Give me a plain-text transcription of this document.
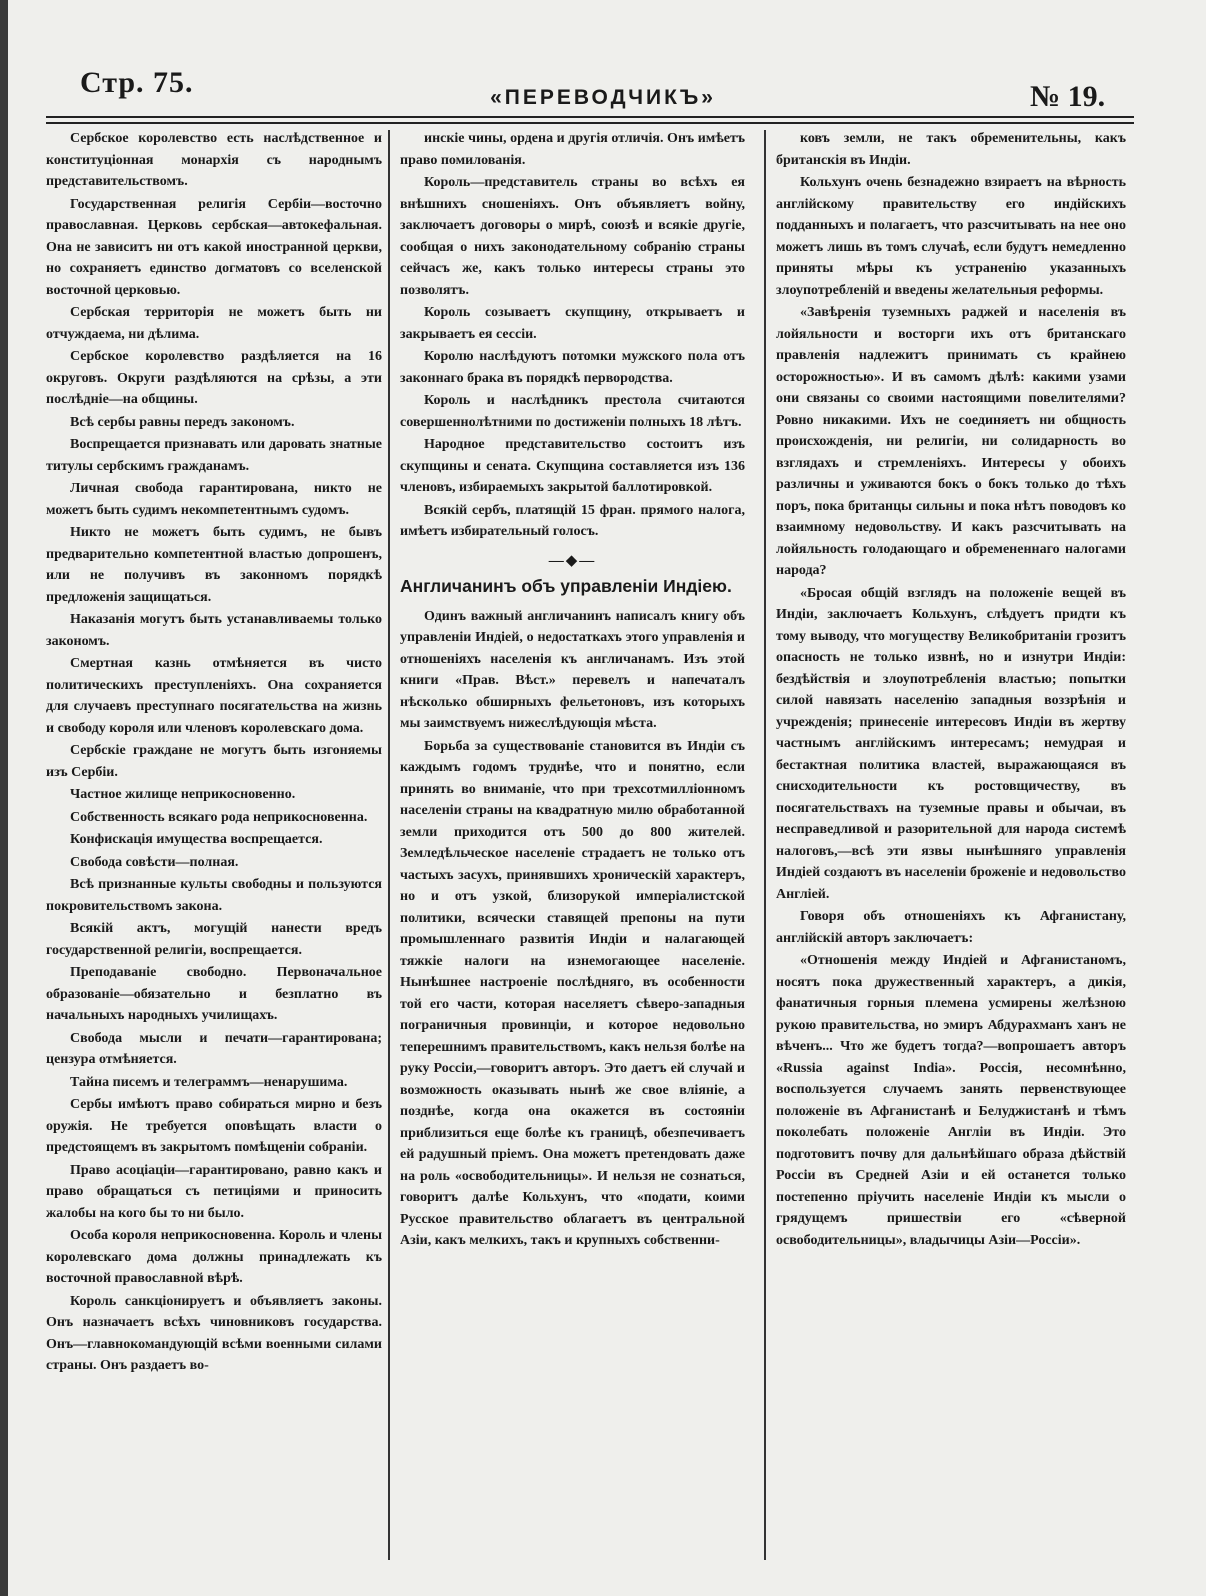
Стр. 75.	«ПЕРЕВОДЧИКЪ»	№ 19.

Сербское королевство есть наслѣдственное и конституціонная монархія съ народнымъ представительствомъ.

Государственная религія Сербіи—восточно православная. Церковь сербская—автокефальная. Она не зависитъ ни отъ какой иностранной церкви, но сохраняетъ единство догматовъ со вселенской восточной церковью.

Сербская территорія не можетъ быть ни отчуждаема, ни дѣлима.

Сербское королевство раздѣляется на 16 округовъ. Округи раздѣляются на срѣзы, а эти послѣдніе—на общины.

Всѣ сербы равны передъ закономъ.

Воспрещается признавать или даровать знатные титулы сербскимъ гражданамъ.

Личная свобода гарантирована, никто не можетъ быть судимъ некомпетентнымъ судомъ.

Никто не можетъ быть судимъ, не бывъ предварительно компетентной властью допрошенъ, или не получивъ въ законномъ порядкѣ предложенія защищаться.

Наказанія могутъ быть устанавливаемы только закономъ.

Смертная казнь отмѣняется въ чисто политическихъ преступленіяхъ. Она сохраняется для случаевъ преступнаго посягательства на жизнь и свободу короля или членовъ королевскаго дома.

Сербскіе граждане не могутъ быть изгоняемы изъ Сербіи.

Частное жилище неприкосновенно.

Собственность всякаго рода неприкосновенна.

Конфискація имущества воспрещается.

Свобода совѣсти—полная.

Всѣ признанные культы свободны и пользуются покровительствомъ закона.

Всякій актъ, могущій нанести вредъ государственной религіи, воспрещается.

Преподаваніе свободно. Первоначальное образованіе—обязательно и безплатно въ начальныхъ народныхъ училищахъ.

Свобода мысли и печати—гарантирована; цензура отмѣняется.

Тайна писемъ и телеграммъ—ненарушима.

Сербы имѣютъ право собираться мирно и безъ оружія. Не требуется оповѣщать власти о предстоящемъ въ закрытомъ помѣщеніи собраніи.

Право асоціаціи—гарантировано, равно какъ и право обращаться съ петиціями и приносить жалобы на кого бы то ни было.

Особа короля неприкосновенна. Король и члены королевскаго дома должны принадлежать къ восточной православной вѣрѣ.

Король санкціонируетъ и объявляетъ законы. Онъ назначаетъ всѣхъ чиновниковъ государства. Онъ—главнокомандующій всѣми военными силами страны. Онъ раздаетъ во-

инскіе чины, ордена и другія отличія. Онъ имѣетъ право помилованія.

Король—представитель страны во всѣхъ ея внѣшнихъ сношеніяхъ. Онъ объявляетъ войну, заключаетъ договоры о мирѣ, союзѣ и всякіе другіе, сообщая о нихъ законодательному собранію страны сейчасъ же, какъ только интересы страны это позволятъ.

Король созываетъ скупщину, открываетъ и закрываетъ ея сессіи.

Королю наслѣдуютъ потомки мужского пола отъ законнаго брака въ порядкѣ первородства.

Король и наслѣдникъ престола считаются совершеннолѣтними по достиженіи полныхъ 18 лѣтъ.

Народное представительство состоитъ изъ скупщины и сената. Скупщина составляется изъ 136 членовъ, избираемыхъ закрытой баллотировкой.

Всякій сербъ, платящій 15 фран. прямого налога, имѣетъ избирательный голосъ.

—◆—
Англичанинъ объ управленіи Индіею.

Одинъ важный англичанинъ написалъ книгу объ управленіи Индіей, о недостаткахъ этого управленія и отношеніяхъ населенія къ англичанамъ. Изъ этой книги «Прав. Вѣст.» перевелъ и напечаталъ нѣсколько обширныхъ фельетоновъ, изъ которыхъ мы заимствуемъ нижеслѣдующія мѣста.

Борьба за существованіе становится въ Индіи съ каждымъ годомъ труднѣе, что и понятно, если принять во вниманіе, что при трехсотмилліонномъ населеніи страны на квадратную милю обработанной земли приходится отъ 500 до 800 жителей. Земледѣльческое населеніе страдаетъ не только отъ частыхъ засухъ, принявшихъ хроническій характеръ, но и отъ узкой, близорукой имперіалистской политики, всячески ставящей препоны на пути промышленнаго развитія Индіи и налагающей тяжкіе налоги на изнемогающее населеніе. Нынѣшнее настроеніе послѣдняго, въ особенности той его части, которая населяетъ сѣверо-западныя пограничныя провинціи, и которое недовольно теперешнимъ правительствомъ, какъ нельзя болѣе на руку Россіи,—говоритъ авторъ. Это даетъ ей случай и возможность оказывать нынѣ же свое вліяніе, а позднѣе, когда она окажется въ состояніи приблизиться еще болѣе къ границѣ, обезпечиваетъ ей радушный пріемъ. Она можетъ претендовать даже на роль «освободительницы». И нельзя не сознаться, говоритъ далѣе Кольхунъ, что «подати, коими Русское правительство облагаетъ въ центральной Азіи, какъ мелкихъ, такъ и крупныхъ собственни-

ковъ земли, не такъ обременительны, какъ британскія въ Индіи.

Кольхунъ очень безнадежно взираетъ на вѣрность англійскому правительству его индійскихъ подданныхъ и полагаетъ, что разсчитывать на нее оно можетъ лишь въ томъ случаѣ, если будутъ немедленно приняты мѣры къ устраненію указанныхъ злоупотребленій и введены желательныя реформы.

«Завѣренія туземныхъ раджей и населенія въ лойяльности и восторги ихъ отъ британскаго правленія надлежитъ принимать съ крайнею осторожностью». И въ самомъ дѣлѣ: какими узами они связаны со своими настоящими повелителями? Ровно никакими. Ихъ не соединяетъ ни общность происхожденія, ни религіи, ни солидарность во взглядахъ и стремленіяхъ. Интересы у обоихъ различны и уживаются бокъ о бокъ только до тѣхъ поръ, пока британцы сильны и пока нѣтъ поводовъ ко взаимному недовольству. И какъ разсчитывать на лойяльность голодающаго и обремененнаго налогами народа?

«Бросая общій взглядъ на положеніе вещей въ Индіи, заключаетъ Кольхунъ, слѣдуетъ придти къ тому выводу, что могуществу Великобританіи грозитъ опасность не только извнѣ, но и изнутри Индіи: бездѣйствія и злоупотребленія властью; попытки силой навязать населенію западныя воззрѣнія и учрежденія; принесеніе интересовъ Индіи въ жертву частнымъ англійскимъ интересамъ; немудрая и бестактная политика властей, выражающаяся въ снисходительности къ ростовщичеству, въ посягательствахъ на туземные правы и обычаи, въ несправедливой и разорительной для народа системѣ налоговъ,—всѣ эти язвы нынѣшняго управленія Индіей создаютъ въ населеніи броженіе и недовольство Англіей.

Говоря объ отношеніяхъ къ Афганистану, англійскій авторъ заключаетъ:

«Отношенія между Индіей и Афганистаномъ, носятъ пока дружественный характеръ, а дикія, фанатичныя горныя племена усмирены желѣзною рукою правительства, но эмиръ Абдурахманъ ханъ не вѣченъ... Что же будетъ тогда?—вопрошаетъ авторъ «Russia against India». Россія, несомнѣнно, воспользуется случаемъ занять первенствующее положеніе въ Афганистанѣ и Белуджистанѣ и тѣмъ поколебать положеніе Англіи въ Индіи. Это подготовитъ почву для дальнѣйшаго образа дѣйствій Россіи въ Средней Азіи и ей останется только постепенно пріучить населеніе Индіи къ мысли о грядущемъ пришествіи его «сѣверной освободительницы», владычицы Азіи—Россіи».
